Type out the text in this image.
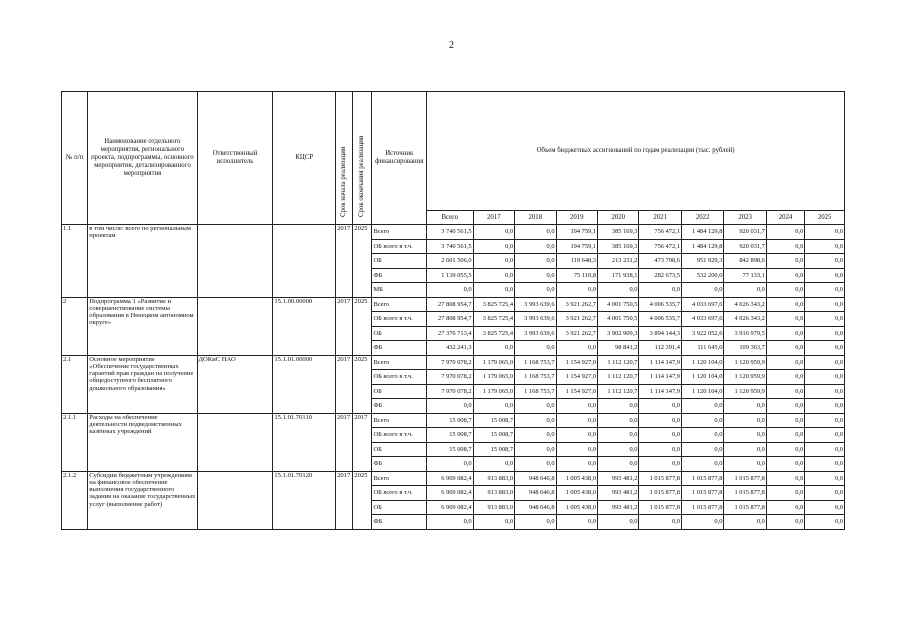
2
№ п/п	Наименование отдельного мероприятия, регионального проекта, подпрограммы, основного мероприятия, детализированного мероприятия	Ответственный исполнитель	КЦСР	Срок начала реализации	Срок окончания реализации	Источник финансирования	Объем бюджетных ассигнований по годам реализации (тыс. рублей)									
							Всего	2017	2018	2019	2020	2021	2022	2023	2024	2025
1.1	в том числе: всего по региональным проектам			2017	2025	Всего	3 740 561,5	0,0	0,0	194 759,1	385 169,3	756 472,1	1 484 129,8	920 031,7	0,0	0,0
						ОБ всего в т.ч.	3 740 561,5	0,0	0,0	194 759,1	385 169,3	756 472,1	1 484 129,8	920 031,7	0,0	0,0
						ОБ	2 601 506,0	0,0	0,0	119 648,3	213 231,2	473 798,6	951 929,3	842 898,6	0,0	0,0
						ФБ	1 139 055,5	0,0	0,0	75 110,8	171 938,1	282 673,5	532 200,0	77 133,1	0,0	0,0
						МБ	0,0	0,0	0,0	0,0	0,0	0,0	0,0	0,0	0,0	0,0
2	Подпрограмма 1 «Развитие и совершенствование системы образования в Ненецком автономном округе»		15.1.00.00000	2017	2025	Всего	27 808 954,7	3 825 725,4	3 993 639,6	3 921 262,7	4 001 750,5	4 006 535,7	4 033 697,6	4 026 343,2	0,0	0,0
						ОБ всего в т.ч.	27 808 954,7	3 825 725,4	3 993 639,6	3 921 262,7	4 001 750,5	4 006 535,7	4 033 697,6	4 026 343,2	0,0	0,0
						ОБ	27 376 713,4	3 825 725,4	3 993 639,6	3 921 262,7	3 902 909,3	3 894 144,3	3 922 052,6	3 916 979,5	0,0	0,0
						ФБ	432 241,3	0,0	0,0	0,0	98 841,2	112 391,4	111 645,0	109 363,7	0,0	0,0
2.1	Основное мероприятие «Обеспечение государственных гарантий прав граждан на получение общедоступного бесплатного дошкольного образования»	ДОКиС НАО	15.1.01.00000	2017	2025	Всего	7 970 078,2	1 179 065,0	1 168 753,7	1 154 927,0	1 112 120,7	1 114 147,9	1 120 104,0	1 120 959,9	0,0	0,0
						ОБ всего в т.ч.	7 970 078,2	1 179 065,0	1 168 753,7	1 154 927,0	1 112 120,7	1 114 147,9	1 120 104,0	1 120 959,9	0,0	0,0
						ОБ	7 970 078,2	1 179 065,0	1 168 753,7	1 154 927,0	1 112 120,7	1 114 147,9	1 120 104,0	1 120 959,9	0,0	0,0
						ФБ	0,0	0,0	0,0	0,0	0,0	0,0	0,0	0,0	0,0	0,0
2.1.1	Расходы на обеспечение деятельности подведомственных казённых учреждений		15.1.01.70110	2017	2017	Всего	15 008,7	15 008,7	0,0	0,0	0,0	0,0	0,0	0,0	0,0	0,0
						ОБ всего в т.ч.	15 008,7	15 008,7	0,0	0,0	0,0	0,0	0,0	0,0	0,0	0,0
						ОБ	15 008,7	15 008,7	0,0	0,0	0,0	0,0	0,0	0,0	0,0	0,0
						ФБ	0,0	0,0	0,0	0,0	0,0	0,0	0,0	0,0	0,0	0,0
2.1.2	Субсидии бюджетным учреждениям на финансовое обеспечение выполнения государственного задания на оказание государственных услуг (выполнение работ)		15.1.01.70120	2017	2025	Всего	6 909 082,4	913 883,0	948 646,8	1 005 438,0	993 481,2	1 015 877,8	1 015 877,8	1 015 877,8	0,0	0,0
						ОБ всего в т.ч.	6 909 082,4	913 883,0	948 646,8	1 005 438,0	993 481,2	1 015 877,8	1 015 877,8	1 015 877,8	0,0	0,0
						ОБ	6 909 082,4	913 883,0	948 646,8	1 005 438,0	993 481,2	1 015 877,8	1 015 877,8	1 015 877,8	0,0	0,0
						ФБ	0,0	0,0	0,0	0,0	0,0	0,0	0,0	0,0	0,0	0,0
